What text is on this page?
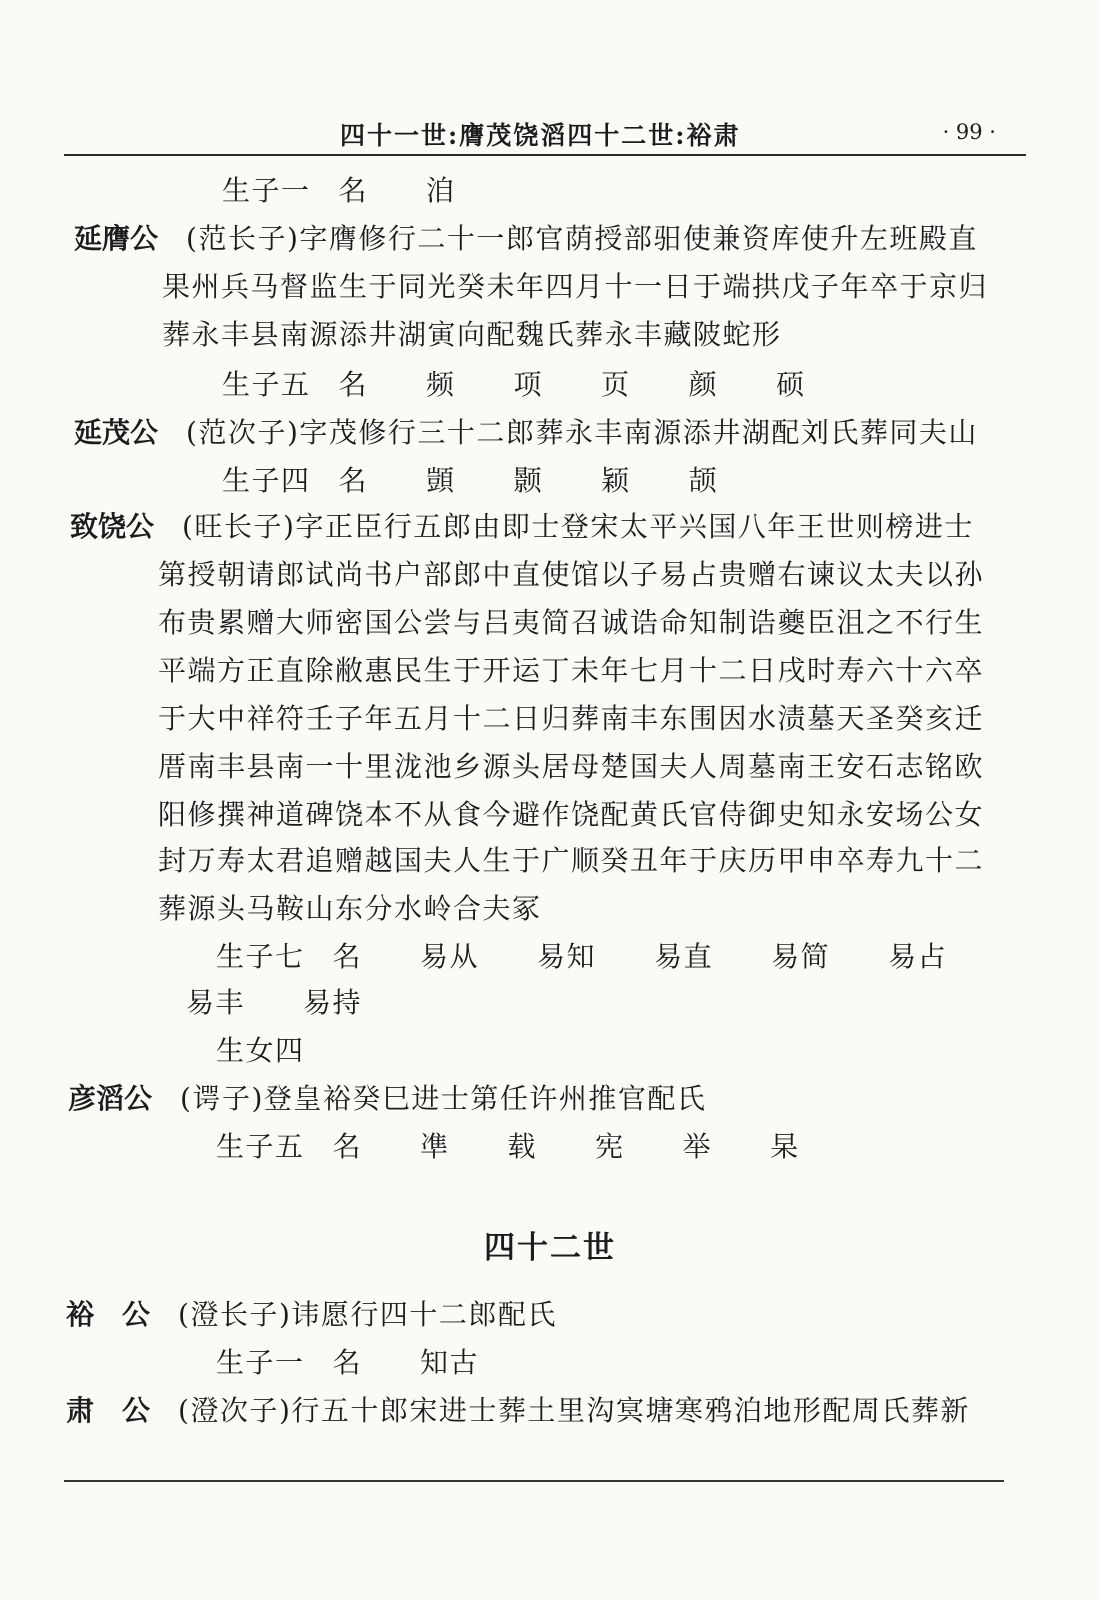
四十一世:膺茂饶滔四十二世:裕肃	· 99 ·
生子一 名 洎
延膺公 (范长子)字膺修行二十一郎官荫授部驲使兼资库使升左班殿直
果州兵马督监生于同光癸未年四月十一日于端拱戊子年卒于京归
葬永丰县南源添井湖寅向配魏氏葬永丰藏陂蛇形
生子五 名 频 项 页 颜 硕
延茂公 (范次子)字茂修行三十二郎葬永丰南源添井湖配刘氏葬同夫山
生子四 名 顗 颢 颖 颉
致饶公 (旺长子)字正臣行五郎由即士登宋太平兴国八年王世则榜进士
第授朝请郎试尚书户部郎中直使馆以子易占贵赠右谏议太夫以孙
布贵累赠大师密国公尝与吕夷简召诚诰命知制诰夔臣沮之不行生
平端方正直除敝惠民生于开运丁未年七月十二日戌时寿六十六卒
于大中祥符壬子年五月十二日归葬南丰东围因水渍墓天圣癸亥迁
厝南丰县南一十里泷池乡源头居母楚国夫人周墓南王安石志铭欧
阳修撰神道碑饶本不从食今避作饶配黄氏官侍御史知永安场公女
封万寿太君追赠越国夫人生于广顺癸丑年于庆历甲申卒寿九十二
葬源头马鞍山东分水岭合夫冢
生子七 名 易从 易知 易直 易简 易占
易丰 易持
生女四
彦滔公 (谔子)登皇裕癸巳进士第任许州推官配氏
生子五 名 凖 载 宪 举 杲
四十二世
裕　公 (澄长子)讳愿行四十二郎配氏
生子一 名 知古
肃　公 (澄次子)行五十郎宋进士葬土里沟㝠塘寒鸦泊地形配周氏葬新
